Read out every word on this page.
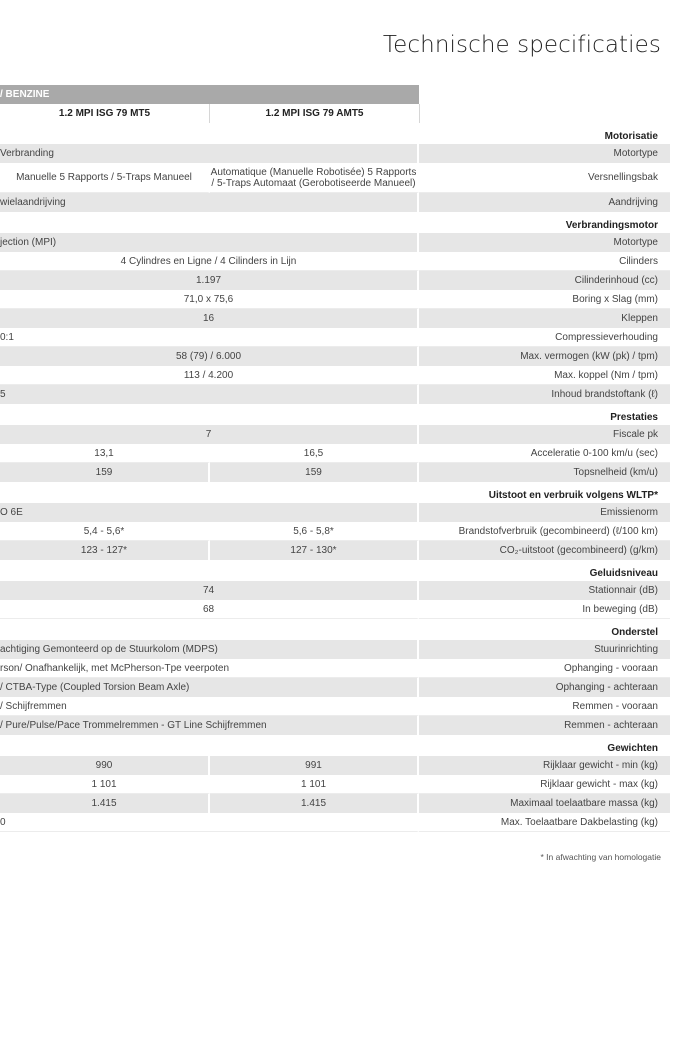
Technische specificaties
/ BENZINE
1.2 MPI ISG 79 MT5	1.2 MPI ISG 79 AMT5
Motorisatie
Verbranding	Motortype
Manuelle 5 Rapports / 5-Traps Manueel	Automatique (Manuelle Robotisée) 5 Rapports / 5-Traps Automaat (Gerobotiseerde Manueel)	Versnellingsbak
wielaandrijving	Aandrijving
Verbrandingsmotor
jection (MPI)	Motortype
4 Cylindres en Ligne / 4 Cilinders in Lijn	Cilinders
1.197	Cilinderinhoud (cc)
71,0 x 75,6	Boring x Slag (mm)
16	Kleppen
0:1	Compressieverhouding
58 (79) / 6.000	Max. vermogen (kW (pk) / tpm)
113 / 4.200	Max. koppel (Nm / tpm)
5	Inhoud brandstoftank (ℓ)
Prestaties
7	Fiscale pk
13,1	16,5	Acceleratie 0-100 km/u (sec)
159	159	Topsnelheid (km/u)
Uitstoot en verbruik volgens WLTP*
O 6E	Emissienorm
5,4 - 5,6*	5,6 - 5,8*	Brandstofverbruik (gecombineerd) (ℓ/100 km)
123 - 127*	127 - 130*	CO₂-uitstoot (gecombineerd) (g/km)
Geluidsniveau
74	Stationnair (dB)
68	In beweging (dB)
Onderstel
achtiging Gemonteerd op de Stuurkolom (MDPS)	Stuurinrichting
rson/ Onafhankelijk, met McPherson-Tpe veerpoten	Ophanging - vooraan
/ CTBA-Type (Coupled Torsion Beam Axle)	Ophanging - achteraan
/ Schijfremmen	Remmen - vooraan
/ Pure/Pulse/Pace Trommelremmen - GT Line Schijfremmen	Remmen - achteraan
Gewichten
990	991	Rijklaar gewicht - min (kg)
1 101	1 101	Rijklaar gewicht - max (kg)
1.415	1.415	Maximaal toelaatbare massa (kg)
0	Max. Toelaatbare Dakbelasting (kg)
* In afwachting van homologatie
